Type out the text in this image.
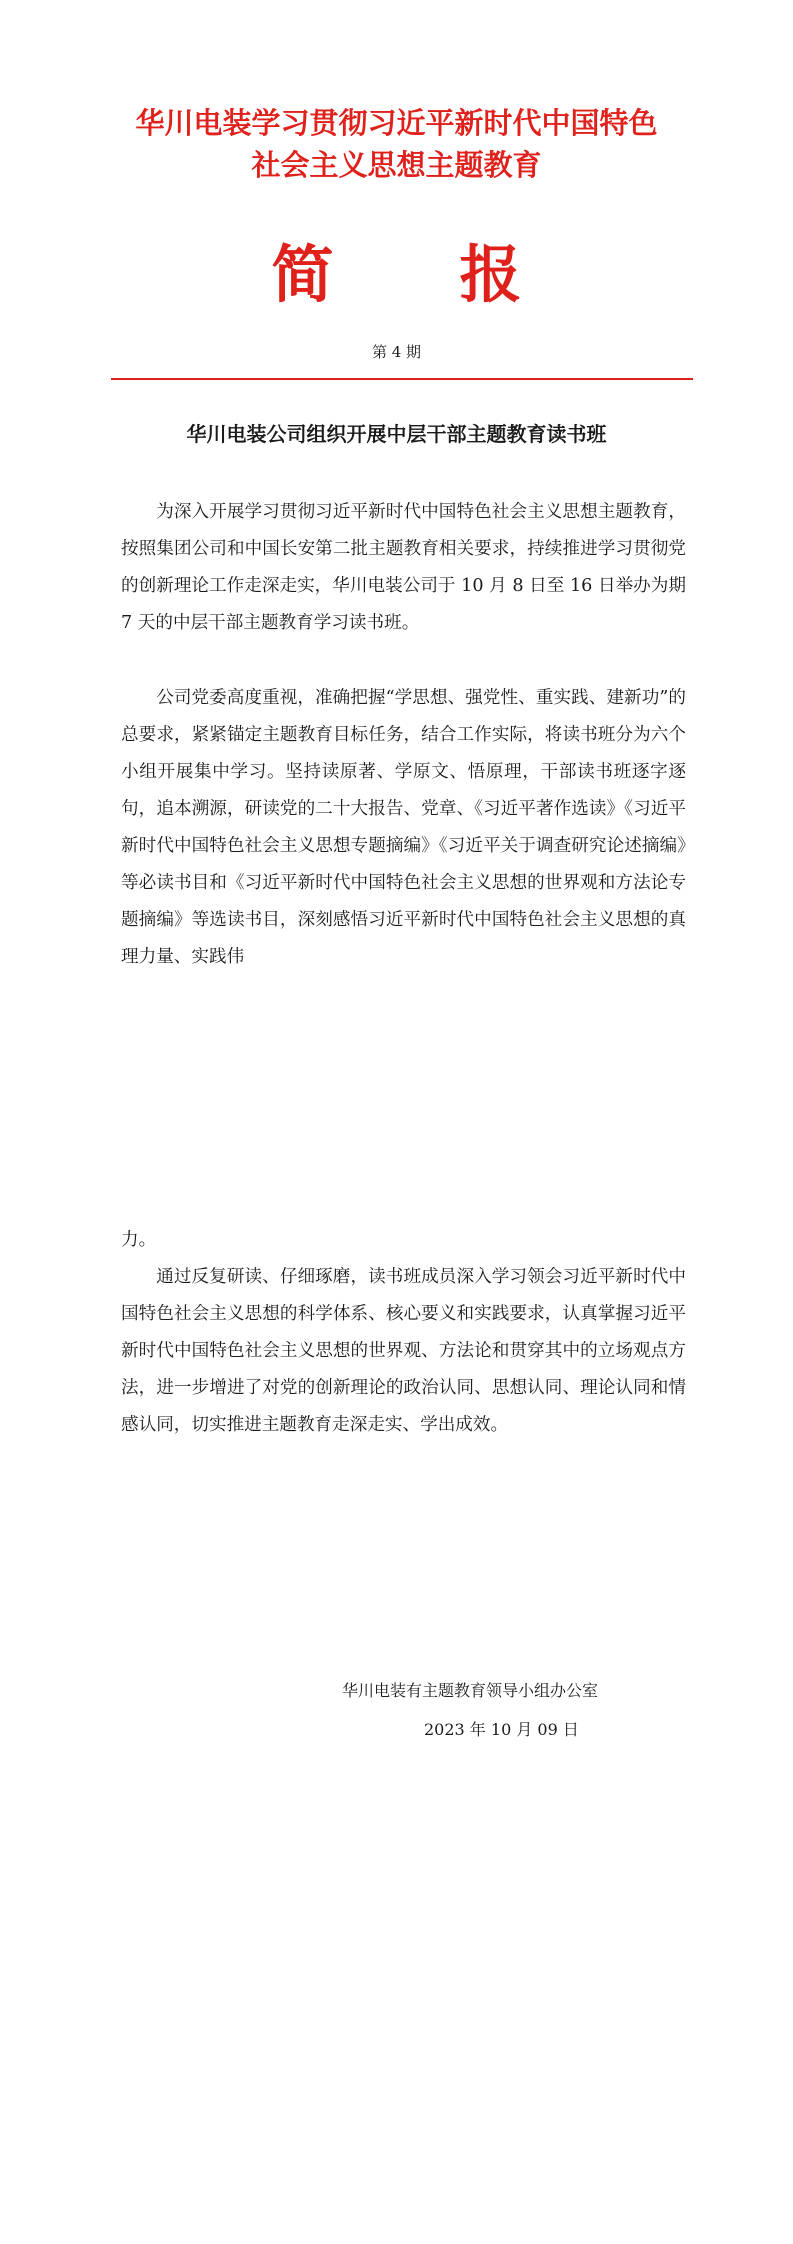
华川电装学习贯彻习近平新时代中国特色
社会主义思想主题教育
简 报
第 4 期
华川电装公司组织开展中层干部主题教育读书班

为深入开展学习贯彻习近平新时代中国特色社会主义思想主题教育，按照集团公司和中国长安第二批主题教育相关要求，持续推进学习贯彻党的创新理论工作走深走实，华川电装公司于 10 月 8 日至 16 日举办为期 7 天的中层干部主题教育学习读书班。

公司党委高度重视，准确把握“学思想、强党性、重实践、建新功”的总要求，紧紧锚定主题教育目标任务，结合工作实际，将读书班分为六个小组开展集中学习。坚持读原著、学原文、悟原理，干部读书班逐字逐句，追本溯源，研读党的二十大报告、党章、《习近平著作选读》《习近平新时代中国特色社会主义思想专题摘编》《习近平关于调查研究论述摘编》等必读书目和《习近平新时代中国特色社会主义思想的世界观和方法论专题摘编》等选读书目，深刻感悟习近平新时代中国特色社会主义思想的真理力量、实践伟

力。

通过反复研读、仔细琢磨，读书班成员深入学习领会习近平新时代中国特色社会主义思想的科学体系、核心要义和实践要求，认真掌握习近平新时代中国特色社会主义思想的世界观、方法论和贯穿其中的立场观点方法，进一步增进了对党的创新理论的政治认同、思想认同、理论认同和情感认同，切实推进主题教育走深走实、学出成效。

华川电装有主题教育领导小组办公室
2023 年 10 月 09 日
